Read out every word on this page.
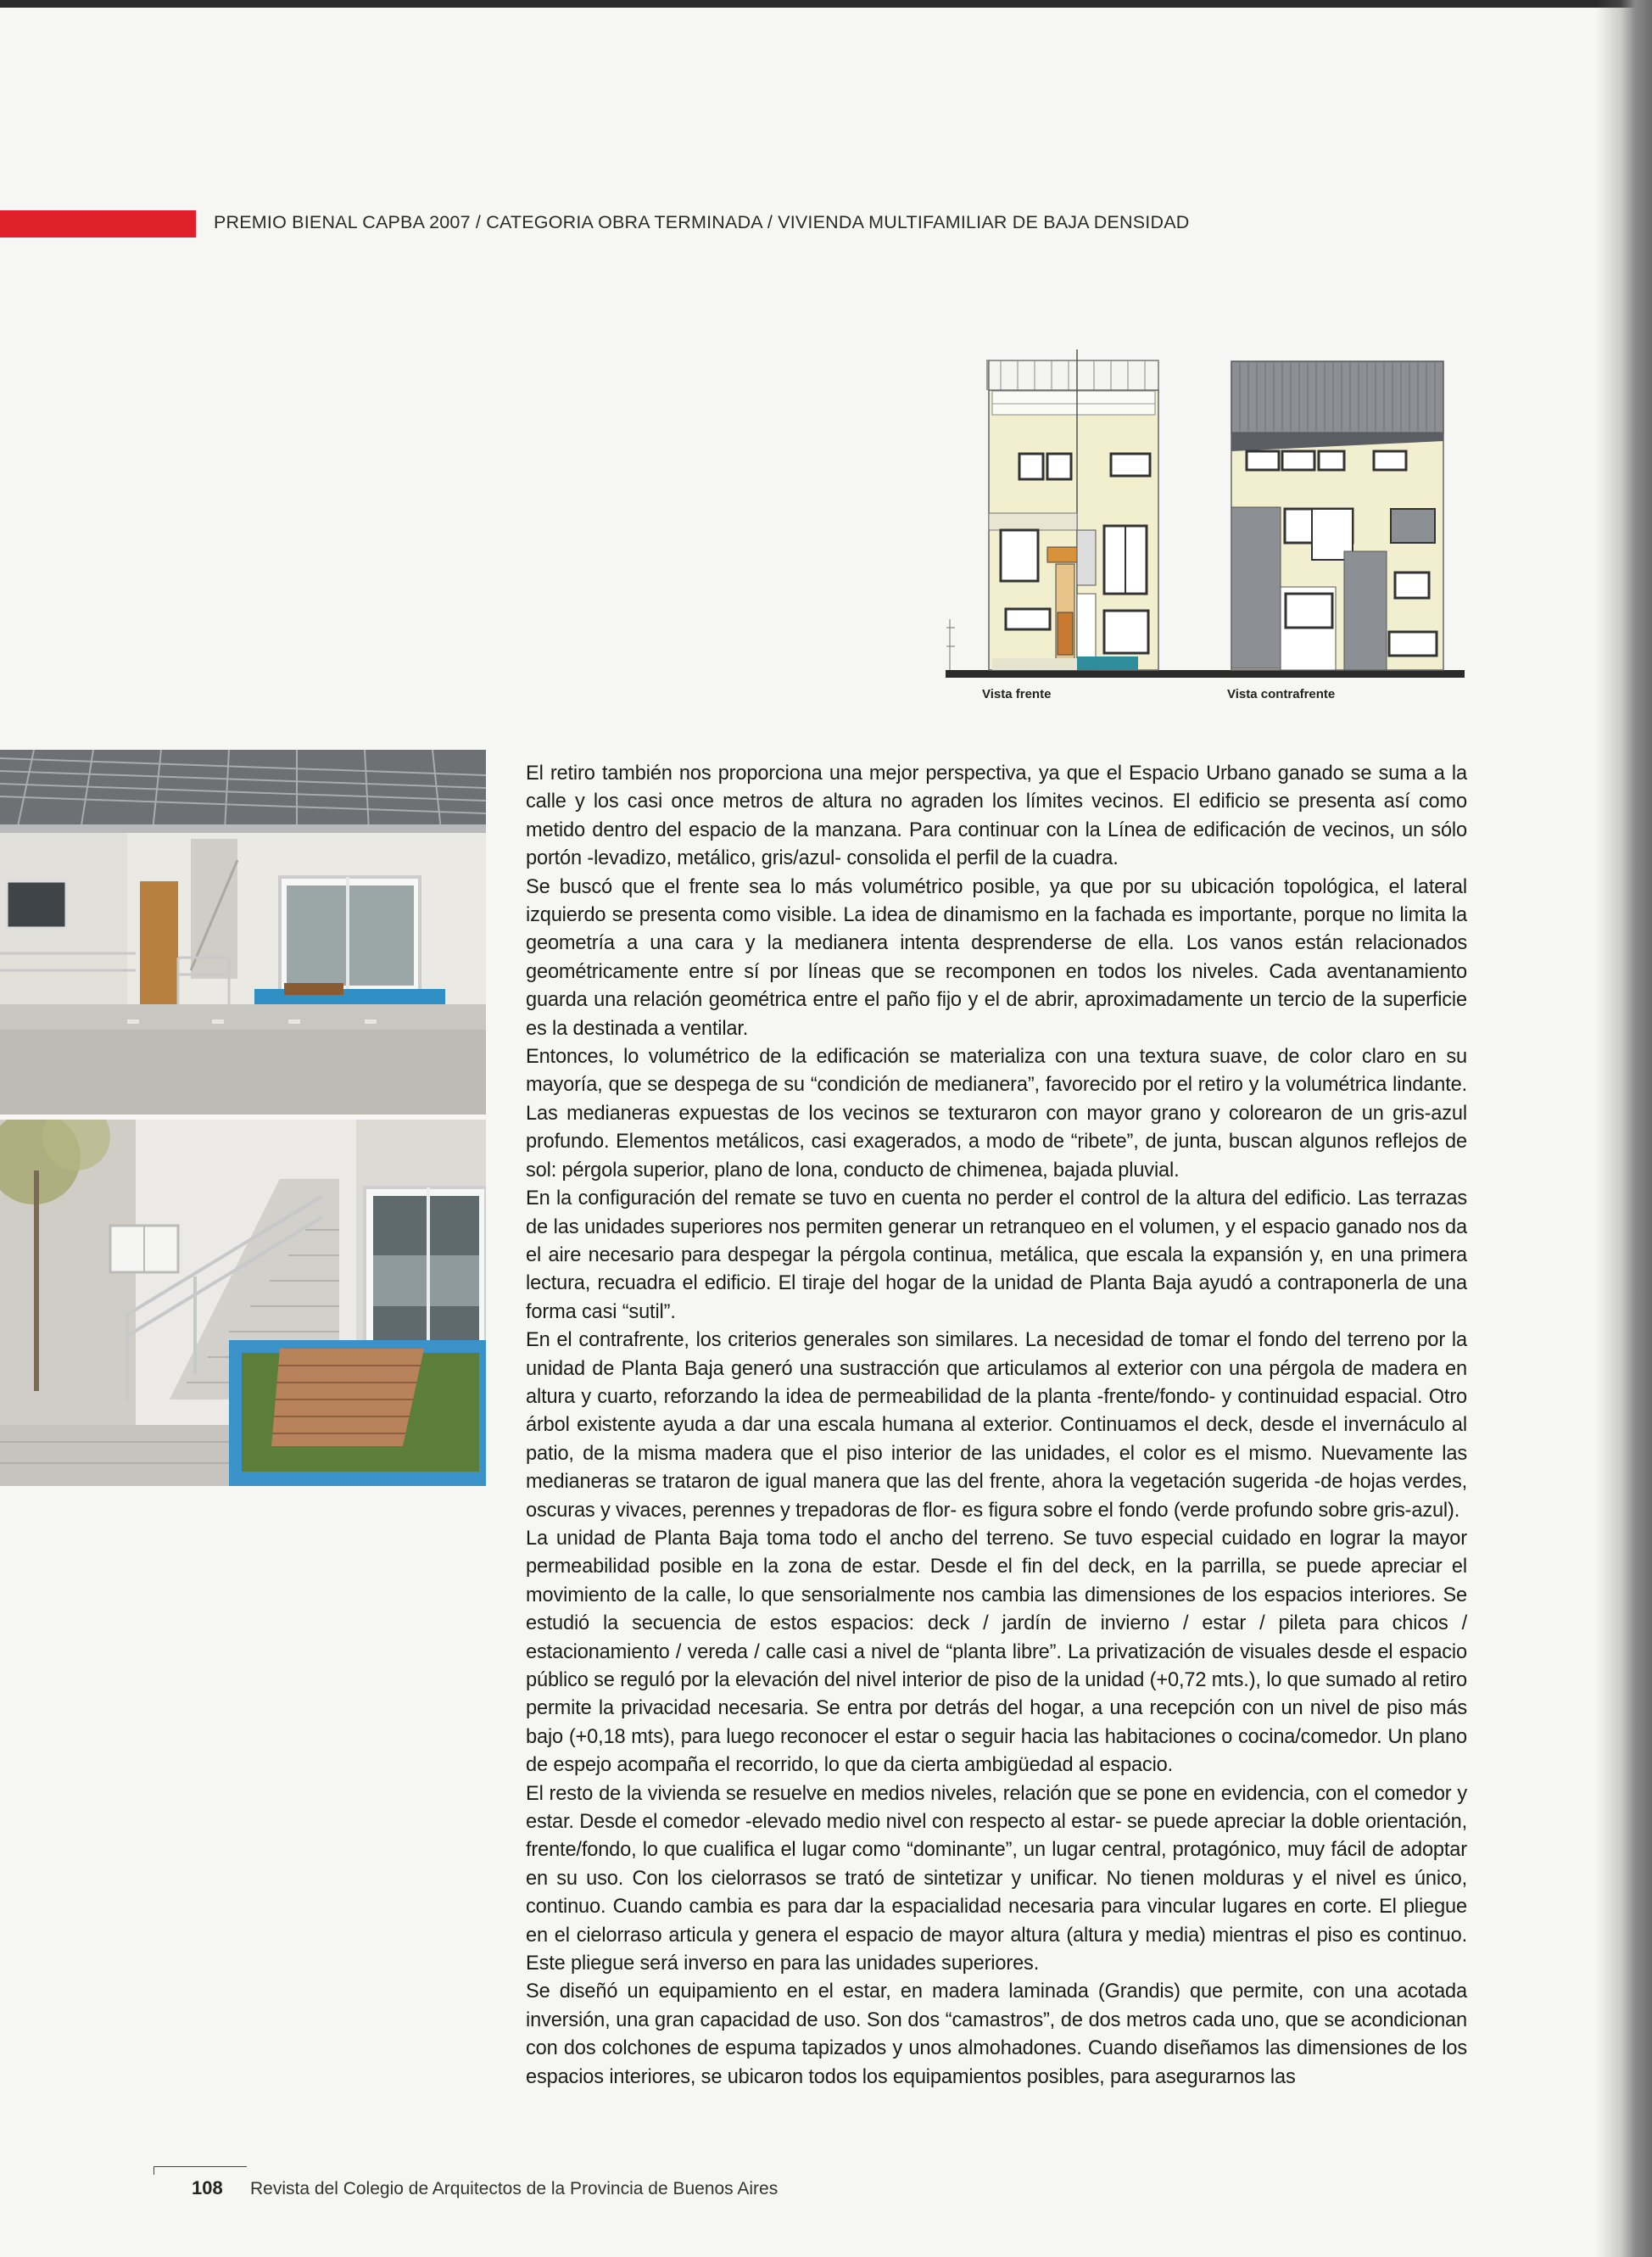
PREMIO BIENAL CAPBA 2007 / CATEGORIA OBRA TERMINADA / VIVIENDA MULTIFAMILIAR DE BAJA DENSIDAD
Vista frente	Vista contrafrente

El retiro también nos proporciona una mejor perspectiva, ya que el Espacio Urbano ganado se suma a la calle y los casi once metros de altura no agraden los límites vecinos. El edificio se presenta así como metido dentro del espacio de la manzana. Para continuar con la Línea de edificación de vecinos, un sólo portón -levadizo, metálico, gris/azul- consolida el perfil de la cuadra.

Se buscó que el frente sea lo más volumétrico posible, ya que por su ubicación topológica, el lateral izquierdo se presenta como visible. La idea de dinamismo en la fachada es importante, porque no limita la geometría a una cara y la medianera intenta desprenderse de ella. Los vanos están relacionados geométricamente entre sí por líneas que se recomponen en todos los niveles. Cada aventanamiento guarda una relación geométrica entre el paño fijo y el de abrir, aproximadamente un tercio de la superficie es la destinada a ventilar.

Entonces, lo volumétrico de la edificación se materializa con una textura suave, de color claro en su mayoría, que se despega de su “condición de medianera”, favorecido por el retiro y la volumétrica lindante. Las medianeras expuestas de los vecinos se texturaron con mayor grano y colorearon de un gris-azul profundo. Elementos metálicos, casi exagerados, a modo de “ribete”, de junta, buscan algunos reflejos de sol: pérgola superior, plano de lona, conducto de chimenea, bajada pluvial.

En la configuración del remate se tuvo en cuenta no perder el control de la altura del edificio. Las terrazas de las unidades superiores nos permiten generar un retranqueo en el volumen, y el espacio ganado nos da el aire necesario para despegar la pérgola continua, metálica, que escala la expansión y, en una primera lectura, recuadra el edificio. El tiraje del hogar de la unidad de Planta Baja ayudó a contraponerla de una forma casi “sutil”.

En el contrafrente, los criterios generales son similares. La necesidad de tomar el fondo del terreno por la unidad de Planta Baja generó una sustracción que articulamos al exterior con una pérgola de madera en altura y cuarto, reforzando la idea de permeabilidad de la planta -frente/fondo- y continuidad espacial. Otro árbol existente ayuda a dar una escala humana al exterior. Continuamos el deck, desde el invernáculo al patio, de la misma madera que el piso interior de las unidades, el color es el mismo. Nuevamente las medianeras se trataron de igual manera que las del frente, ahora la vegetación sugerida -de hojas verdes, oscuras y vivaces, perennes y trepadoras de flor- es figura sobre el fondo (verde profundo sobre gris-azul).

La unidad de Planta Baja toma todo el ancho del terreno. Se tuvo especial cuidado en lograr la mayor permeabilidad posible en la zona de estar. Desde el fin del deck, en la parrilla, se puede apreciar el movimiento de la calle, lo que sensorialmente nos cambia las dimensiones de los espacios interiores. Se estudió la secuencia de estos espacios: deck / jardín de invierno / estar / pileta para chicos / estacionamiento / vereda / calle casi a nivel de “planta libre”. La privatización de visuales desde el espacio público se reguló por la elevación del nivel interior de piso de la unidad (+0,72 mts.), lo que sumado al retiro permite la privacidad necesaria. Se entra por detrás del hogar, a una recepción con un nivel de piso más bajo (+0,18 mts), para luego reconocer el estar o seguir hacia las habitaciones o cocina/comedor. Un plano de espejo acompaña el recorrido, lo que da cierta ambigüedad al espacio.

El resto de la vivienda se resuelve en medios niveles, relación que se pone en evidencia, con el comedor y estar. Desde el comedor -elevado medio nivel con respecto al estar- se puede apreciar la doble orientación, frente/fondo, lo que cualifica el lugar como “dominante”, un lugar central, protagónico, muy fácil de adoptar en su uso. Con los cielorrasos se trató de sintetizar y unificar. No tienen molduras y el nivel es único, continuo. Cuando cambia es para dar la espacialidad necesaria para vincular lugares en corte. El pliegue en el cielorraso articula y genera el espacio de mayor altura (altura y media) mientras el piso es continuo. Este pliegue será inverso en para las unidades superiores.

Se diseñó un equipamiento en el estar, en madera laminada (Grandis) que permite, con una acotada inversión, una gran capacidad de uso. Son dos “camastros”, de dos metros cada uno, que se acondicionan con dos colchones de espuma tapizados y unos almohadones. Cuando diseñamos las dimensiones de los espacios interiores, se ubicaron todos los equipamientos posibles, para asegurarnos las

108 Revista del Colegio de Arquitectos de la Provincia de Buenos Aires
